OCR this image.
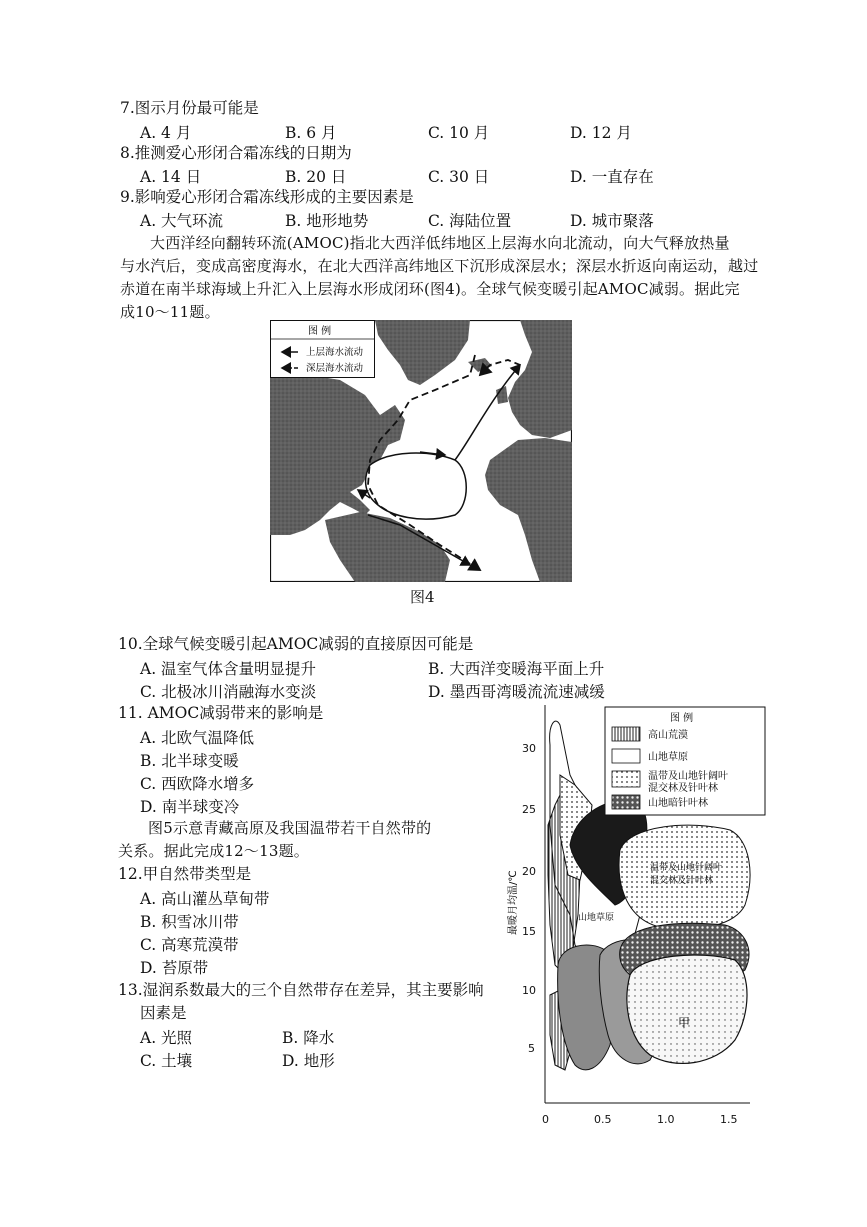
7.图示月份最可能是
A. 4 月	B. 6 月	C. 10 月	D. 12 月
8.推测爱心形闭合霜冻线的日期为
A. 14 日	B. 20 日	C. 30 日	D. 一直存在
9.影响爱心形闭合霜冻线形成的主要因素是
A. 大气环流	B. 地形地势	C. 海陆位置	D. 城市聚落
大西洋经向翻转环流(AMOC)指北大西洋低纬地区上层海水向北流动，向大气释放热量
与水汽后，变成高密度海水，在北大西洋高纬地区下沉形成深层水；深层水折返向南运动，越过
赤道在南半球海域上升汇入上层海水形成闭环(图4)。全球气候变暖引起AMOC减弱。据此完
成10～11题。
图 例
上层海水流动
深层海水流动
图4
10.全球气候变暖引起AMOC减弱的直接原因可能是
A. 温室气体含量明显提升	B. 大西洋变暖海平面上升
C. 北极冰川消融海水变淡	D. 墨西哥湾暖流流速减缓
11. AMOC减弱带来的影响是
A. 北欧气温降低
B. 北半球变暖
C. 西欧降水增多
D. 南半球变冷
图5示意青藏高原及我国温带若干自然带的
关系。据此完成12～13题。
12.甲自然带类型是
A. 高山灌丛草甸带
B. 积雪冰川带
C. 高寒荒漠带
D. 苔原带
13.湿润系数最大的三个自然带存在差异，其主要影响
因素是
A. 光照	B. 降水
C. 土壤	D. 地形
30
25
20
15
10
5
最暖月均温/℃
0	0.5	1.0	1.5
温带及山地针阔叶
混交林及针叶林
山地草原
甲
图 例
高山荒漠
山地草原
温带及山地针阔叶
混交林及针叶林
山地暗针叶林
